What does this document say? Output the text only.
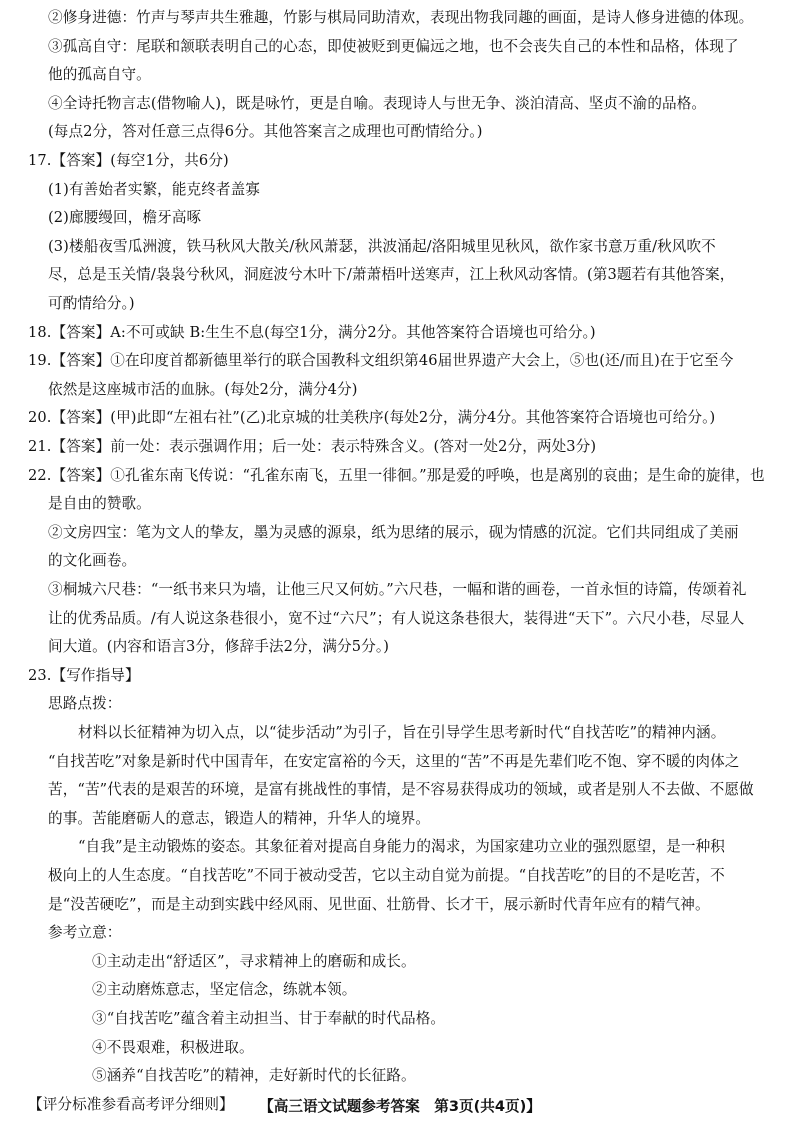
②修身进德：竹声与琴声共生雅趣，竹影与棋局同助清欢，表现出物我同趣的画面，是诗人修身进德的体现。
③孤高自守：尾联和颔联表明自己的心态，即使被贬到更偏远之地，也不会丧失自己的本性和品格，体现了
他的孤高自守。
④全诗托物言志(借物喻人)，既是咏竹，更是自喻。表现诗人与世无争、淡泊清高、坚贞不渝的品格。
(每点2分，答对任意三点得6分。其他答案言之成理也可酌情给分。)
17.【答案】(每空1分，共6分)
(1)有善始者实繁，能克终者盖寡
(2)廊腰缦回，檐牙高啄
(3)楼船夜雪瓜洲渡，铁马秋风大散关/秋风萧瑟，洪波涌起/洛阳城里见秋风，欲作家书意万重/秋风吹不
尽，总是玉关情/袅袅兮秋风，洞庭波兮木叶下/萧萧梧叶送寒声，江上秋风动客情。(第3题若有其他答案，
可酌情给分。)
18.【答案】A:不可或缺 B:生生不息(每空1分，满分2分。其他答案符合语境也可给分。)
19.【答案】①在印度首都新德里举行的联合国教科文组织第46届世界遗产大会上，⑤也(还/而且)在于它至今
依然是这座城市活的血脉。(每处2分，满分4分)
20.【答案】(甲)此即“左祖右社”(乙)北京城的壮美秩序(每处2分，满分4分。其他答案符合语境也可给分。)
21.【答案】前一处：表示强调作用；后一处：表示特殊含义。(答对一处2分，两处3分)
22.【答案】①孔雀东南飞传说：“孔雀东南飞，五里一徘徊。”那是爱的呼唤，也是离别的哀曲；是生命的旋律，也
是自由的赞歌。
②文房四宝：笔为文人的挚友，墨为灵感的源泉，纸为思绪的展示，砚为情感的沉淀。它们共同组成了美丽
的文化画卷。
③桐城六尺巷：“一纸书来只为墙，让他三尺又何妨。”六尺巷，一幅和谐的画卷，一首永恒的诗篇，传颂着礼
让的优秀品质。/有人说这条巷很小，宽不过“六尺”；有人说这条巷很大，装得进“天下”。六尺小巷，尽显人
间大道。(内容和语言3分，修辞手法2分，满分5分。)
23.【写作指导】
思路点拨：
材料以长征精神为切入点，以“徒步活动”为引子，旨在引导学生思考新时代“自找苦吃”的精神内涵。
“自找苦吃”对象是新时代中国青年，在安定富裕的今天，这里的“苦”不再是先辈们吃不饱、穿不暖的肉体之
苦，“苦”代表的是艰苦的环境，是富有挑战性的事情，是不容易获得成功的领域，或者是别人不去做、不愿做
的事。苦能磨砺人的意志，锻造人的精神，升华人的境界。
“自我”是主动锻炼的姿态。其象征着对提高自身能力的渴求，为国家建功立业的强烈愿望，是一种积
极向上的人生态度。“自找苦吃”不同于被动受苦，它以主动自觉为前提。“自找苦吃”的目的不是吃苦，不
是“没苦硬吃”，而是主动到实践中经风雨、见世面、壮筋骨、长才干，展示新时代青年应有的精气神。
参考立意：
①主动走出“舒适区”，寻求精神上的磨砺和成长。
②主动磨炼意志，坚定信念，练就本领。
③“自找苦吃”蕴含着主动担当、甘于奉献的时代品格。
④不畏艰难，积极进取。
⑤涵养“自找苦吃”的精神，走好新时代的长征路。
【评分标准参看高考评分细则】	【高三语文试题参考答案　第3页(共4页)】
